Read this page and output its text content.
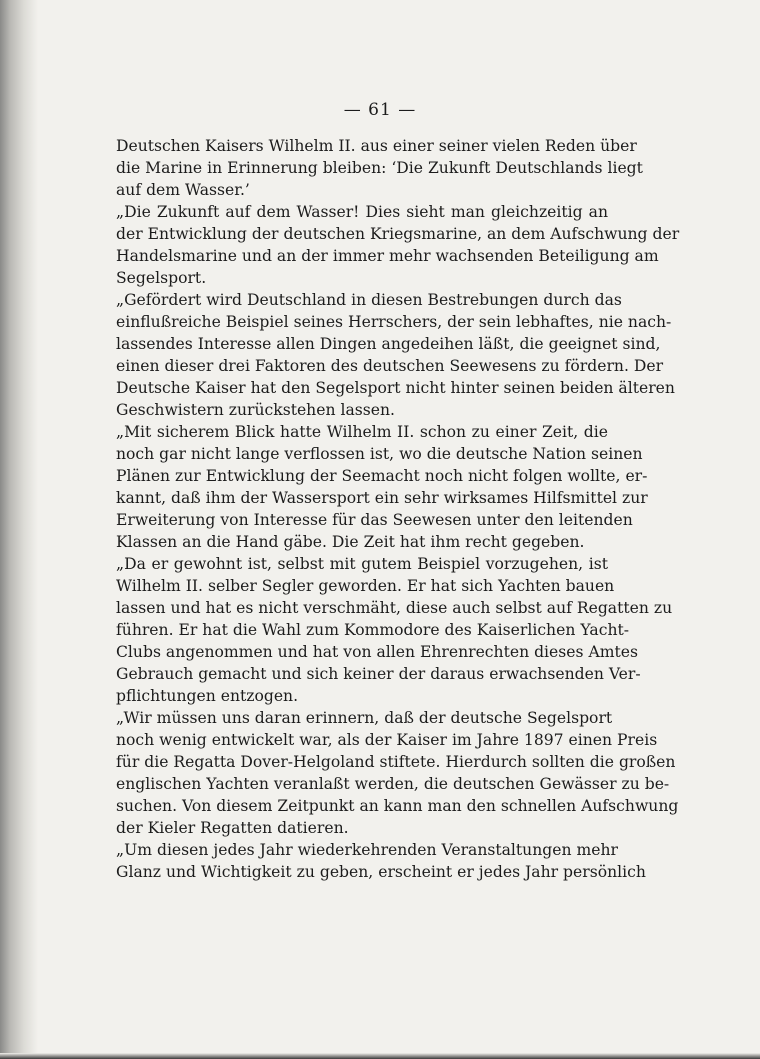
— 61 —

Deutschen Kaisers Wilhelm II. aus einer seiner vielen Reden über
die Marine in Erinnerung bleiben: ‘Die Zukunft Deutschlands liegt
auf dem Wasser.’

„Die Zukunft auf dem Wasser! Dies sieht man gleichzeitig an
der Entwicklung der deutschen Kriegsmarine, an dem Aufschwung der
Handelsmarine und an der immer mehr wachsenden Beteiligung am
Segelsport.

„Gefördert wird Deutschland in diesen Bestrebungen durch das
einflußreiche Beispiel seines Herrschers, der sein lebhaftes, nie nach-
lassendes Interesse allen Dingen angedeihen läßt, die geeignet sind,
einen dieser drei Faktoren des deutschen Seewesens zu fördern. Der
Deutsche Kaiser hat den Segelsport nicht hinter seinen beiden älteren
Geschwistern zurückstehen lassen.

„Mit sicherem Blick hatte Wilhelm II. schon zu einer Zeit, die
noch gar nicht lange verflossen ist, wo die deutsche Nation seinen
Plänen zur Entwicklung der Seemacht noch nicht folgen wollte, er-
kannt, daß ihm der Wassersport ein sehr wirksames Hilfsmittel zur
Erweiterung von Interesse für das Seewesen unter den leitenden
Klassen an die Hand gäbe. Die Zeit hat ihm recht gegeben.

„Da er gewohnt ist, selbst mit gutem Beispiel vorzugehen, ist
Wilhelm II. selber Segler geworden. Er hat sich Yachten bauen
lassen und hat es nicht verschmäht, diese auch selbst auf Regatten zu
führen. Er hat die Wahl zum Kommodore des Kaiserlichen Yacht-
Clubs angenommen und hat von allen Ehrenrechten dieses Amtes
Gebrauch gemacht und sich keiner der daraus erwachsenden Ver-
pflichtungen entzogen.

„Wir müssen uns daran erinnern, daß der deutsche Segelsport
noch wenig entwickelt war, als der Kaiser im Jahre 1897 einen Preis
für die Regatta Dover-Helgoland stiftete. Hierdurch sollten die großen
englischen Yachten veranlaßt werden, die deutschen Gewässer zu be-
suchen. Von diesem Zeitpunkt an kann man den schnellen Aufschwung
der Kieler Regatten datieren.

„Um diesen jedes Jahr wiederkehrenden Veranstaltungen mehr
Glanz und Wichtigkeit zu geben, erscheint er jedes Jahr persönlich
